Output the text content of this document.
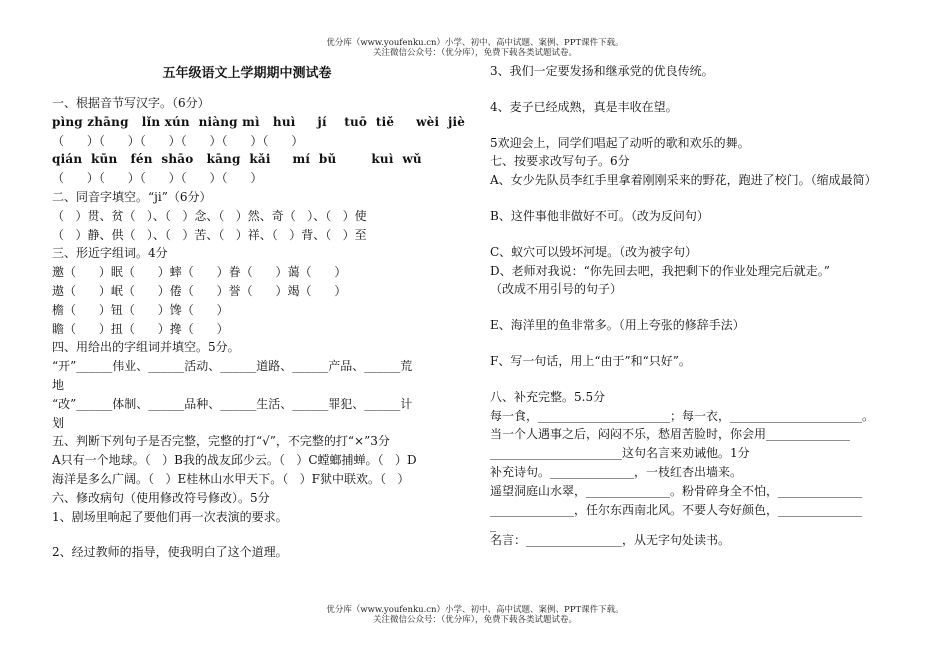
优分库（www.youfenku.cn）小学、初中、高中试题、案例、PPT课件下载。
关注微信公众号：（优分库），免费下载各类试题试卷。
五年级语文上学期期中测试卷
一、根据音节写汉字。（6分）
pìng zhāng   lǐn xún  niàng mì   huì     jí    tuō  tiě     wèi  jiè
（      ）（      ）（      ）（      ）（      ）（      ）
qián  kūn   fén  shāo   kāng  kǎi     mí  bǔ        kuì  wǔ
（      ）（      ）（      ）（      ）（      ）
二、同音字填空。“ji”（6分）
（   ）贯、贫（   ）、（   ）念、（   ）然、奇（   ）、（   ）使
（   ）静、供（   ）、（   ）苦、（   ）祥、（   ）背、（   ）至
三、形近字组词。4分
邀（      ）眠（      ）蟀（      ）眷（      ）蔼（      ）
遨（      ）岷（      ）倦（      ）誉（      ）竭（      ）
檐（      ）钮（      ）馋（      ）
瞻（      ）扭（      ）搀（      ）
四、用给出的字组词并填空。5分。
“开”______伟业、______活动、______道路、______产品、______荒
地
“改”______体制、______品种、______生活、______罪犯、______计
划
五、判断下列句子是否完整，完整的打“√”，不完整的打“×”3分
A只有一个地球。（   ）B我的战友邱少云。（   ）C螳螂捕蝉。（   ）D
海洋是多么广阔。（   ）E桂林山水甲天下。（   ）F狱中联欢。（   ）
六、修改病句（使用修改符号修改）。5分
1、剧场里响起了要他们再一次表演的要求。
2、经过教师的指导，使我明白了这个道理。
3、我们一定要发扬和继承党的优良传统。
4、麦子已经成熟，真是丰收在望。
5欢迎会上，同学们唱起了动听的歌和欢乐的舞。
七、按要求改写句子。6分
A、女少先队员李红手里拿着刚刚采来的野花，跑进了校门。（缩成最简）
B、这件事他非做好不可。（改为反问句）
C、蚁穴可以毁坏河堤。（改为被字句）
D、老师对我说：“你先回去吧，我把剩下的作业处理完后就走。”
（改成不用引号的句子）
E、海洋里的鱼非常多。（用上夸张的修辞手法）
F、写一句话，用上“由于”和“只好”。
八、补充完整。5.5分
每一食，______________________；每一衣，______________________。
当一个人遇事之后，闷闷不乐，愁眉苦脸时，你会用______________
______________________这句名言来劝诫他。1分
补充诗句。______________，一枝红杏出墙来。
遥望洞庭山水翠，______________。粉骨碎身全不怕，______________
______________，任尔东西南北风。不要人夸好颜色，______________
_
名言：________________，从无字句处读书。
优分库（www.youfenku.cn）小学、初中、高中试题、案例、PPT课件下载。
关注微信公众号：（优分库），免费下载各类试题试卷。
